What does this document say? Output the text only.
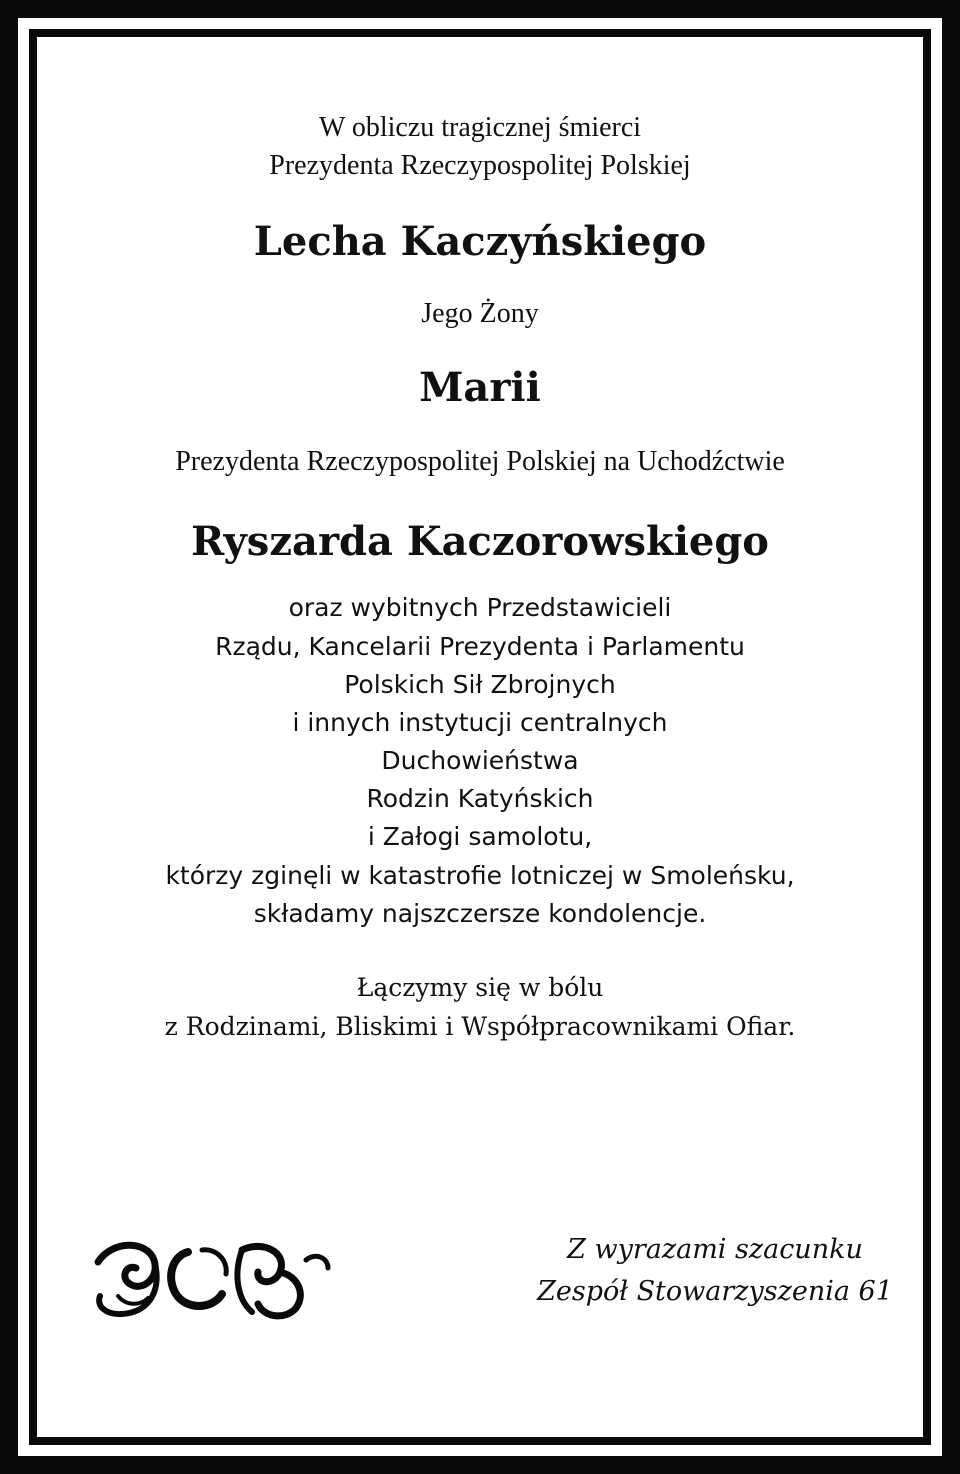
W obliczu tragicznej śmierci

Prezydenta Rzeczypospolitej Polskiej

Lecha Kaczyńskiego

Jego Żony

Marii

Prezydenta Rzeczypospolitej Polskiej na Uchodźctwie

Ryszarda Kaczorowskiego

oraz wybitnych Przedstawicieli

Rządu, Kancelarii Prezydenta i Parlamentu

Polskich Sił Zbrojnych

i innych instytucji centralnych

Duchowieństwa

Rodzin Katyńskich

i Załogi samolotu,

którzy zginęli w katastrofie lotniczej w Smoleńsku,

składamy najszczersze kondolencje.

Łączymy się w bólu

z Rodzinami, Bliskimi i Współpracownikami Ofiar.

Z wyrazami szacunku
Zespół Stowarzyszenia 61
